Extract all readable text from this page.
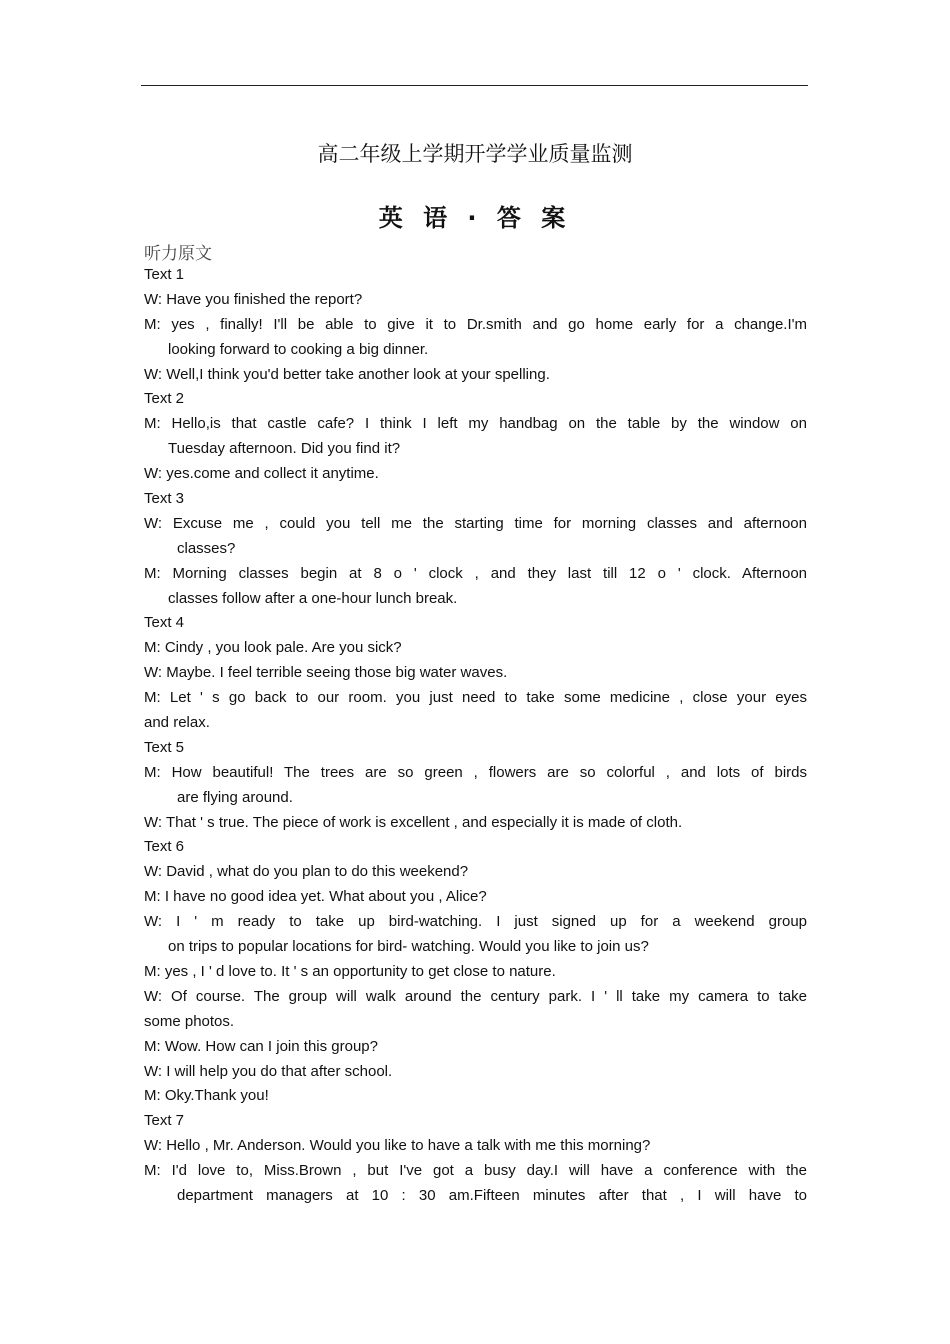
高二年级上学期开学学业质量监测
英 语 · 答 案
听力原文
Text 1
W: Have you finished the report?
M: yes , finally! I'll be able to give it to Dr.smith and go home early for a change.I'm
looking forward to cooking a big dinner.
W: Well,I think you'd better take another look at your spelling.
Text 2
M: Hello,is that castle cafe? I think I left my handbag on the table by the window on
Tuesday afternoon. Did you find it?
W: yes.come and collect it anytime.
Text 3
W: Excuse me , could you tell me the starting time for morning classes and afternoon
classes?
M: Morning classes begin at 8 o ' clock , and they last till 12 o ' clock. Afternoon
classes follow after a one-hour lunch break.
Text 4
M: Cindy , you look pale. Are you sick?
W: Maybe. I feel terrible seeing those big water waves.
M: Let ' s go back to our room. you just need to take some medicine , close your eyes
and relax.
Text 5
M: How beautiful! The trees are so green , flowers are so colorful , and lots of birds
are flying around.
W: That ' s true. The piece of work is excellent , and especially it is made of cloth.
Text 6
W: David , what do you plan to do this weekend?
M: I have no good idea yet. What about you , Alice?
W: I ' m ready to take up bird-watching. I just signed up for a weekend group
on trips to popular locations for bird- watching. Would you like to join us?
M: yes , I ' d love to. It ' s an opportunity to get close to nature.
W: Of course. The group will walk around the century park. I ' ll take my camera to take
some photos.
M: Wow. How can I join this group?
W: I will help you do that after school.
M: Oky.Thank you!
Text 7
W: Hello , Mr. Anderson. Would you like to have a talk with me this morning?
M: I'd love to, Miss.Brown , but I've got a busy day.I will have a conference with the
department managers at 10 : 30 am.Fifteen minutes after that , I will have to
